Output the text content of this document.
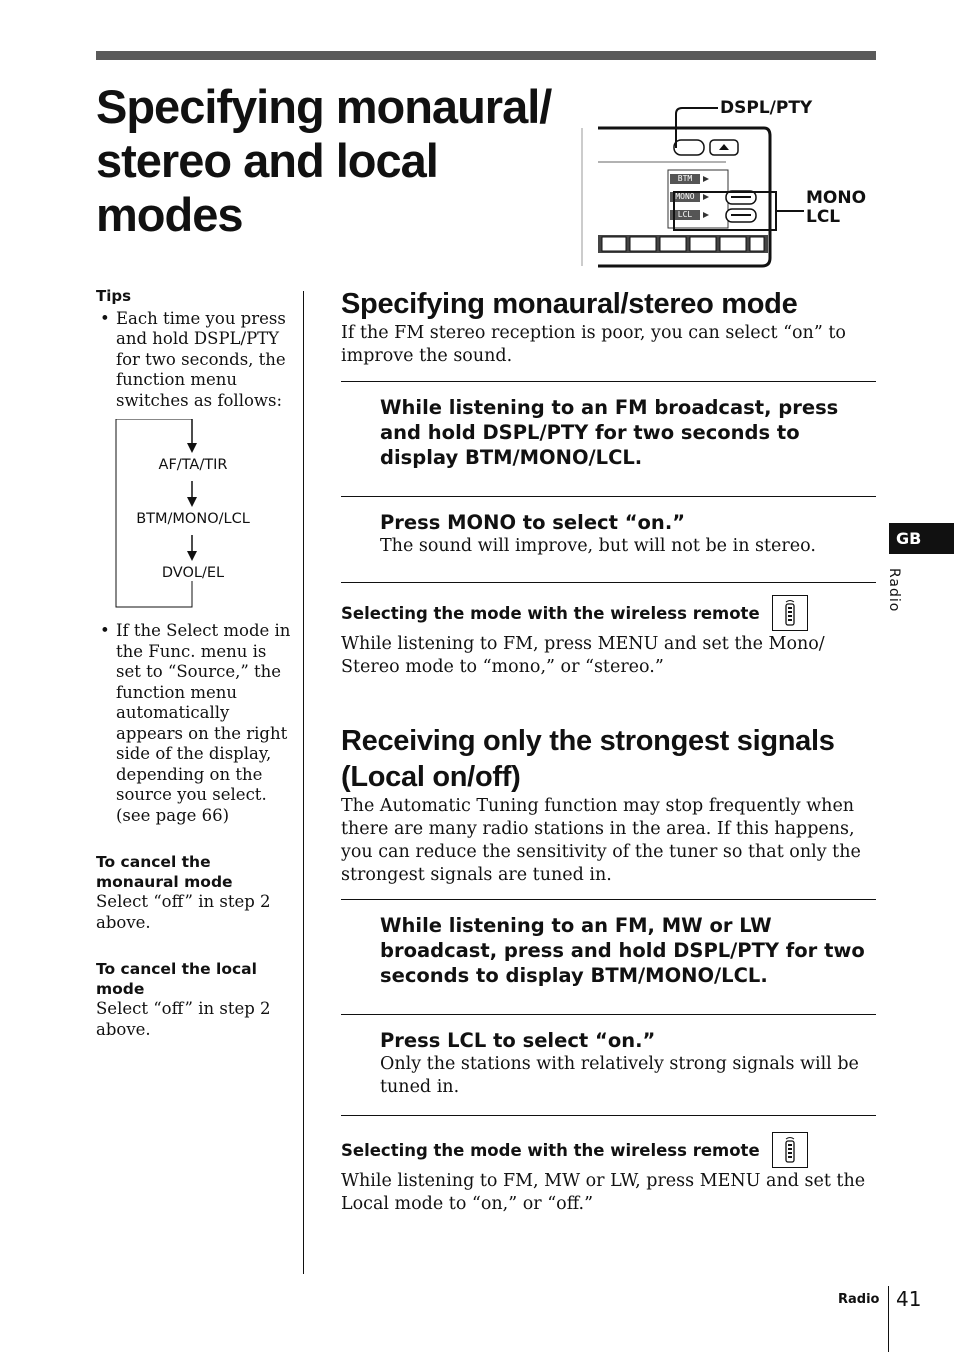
Specifying monaural/ stereo and local modes
DSPL/PTY
MONO
LCL
BTM
MONO
LCL

Tips

• Each time you press and hold DSPL/PTY for two seconds, the function menu switches as follows:

AF/TA/TIR
BTM/MONO/LCL
DVOL/EL

• If the Select mode in the Func. menu is set to “Source,” the function menu automatically appears on the right side of the display, depending on the source you select. (see page 66)

To cancel the monaural mode

Select “off” in step 2 above.

To cancel the local mode

Select “off” in step 2 above.

Specifying monaural/stereo mode

If the FM stereo reception is poor, you can select “on” to improve the sound.

While listening to an FM broadcast, press and hold DSPL/PTY for two seconds to display BTM/MONO/LCL.

Press MONO to select “on.”

The sound will improve, but will not be in stereo.

Selecting the mode with the wireless remote

While listening to FM, press MENU and set the Mono/ Stereo mode to “mono,” or “stereo.”

Receiving only the strongest signals (Local on/off)

The Automatic Tuning function may stop frequently when there are many radio stations in the area. If this happens, you can reduce the sensitivity of the tuner so that only the strongest signals are tuned in.

While listening to an FM, MW or LW broadcast, press and hold DSPL/PTY for two seconds to display BTM/MONO/LCL.

Press LCL to select “on.”

Only the stations with relatively strong signals will be tuned in.

Selecting the mode with the wireless remote

While listening to FM, MW or LW, press MENU and set the Local mode to “on,” or “off.”

GB
Radio
Radio 41
